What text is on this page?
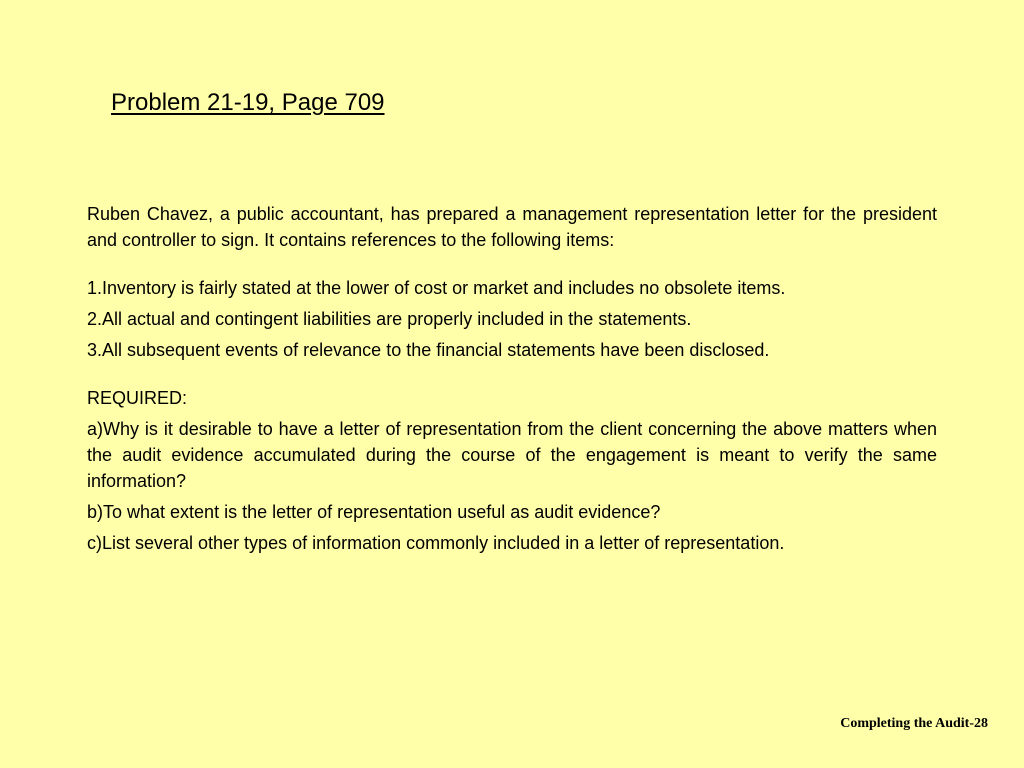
Problem 21-19, Page 709

Ruben Chavez, a public accountant, has prepared a management representation letter for the president and controller to sign. It contains references to the following items:

1.Inventory is fairly stated at the lower of cost or market and includes no obsolete items.

2.All actual and contingent liabilities are properly included in the statements.

3.All subsequent events of relevance to the financial statements have been disclosed.

REQUIRED:

a)Why is it desirable to have a letter of representation from the client concerning the above matters when the audit evidence accumulated during the course of the engagement is meant to verify the same information?

b)To what extent is the letter of representation useful as audit evidence?

c)List several other types of information commonly included in a letter of representation.

Completing the Audit-28
